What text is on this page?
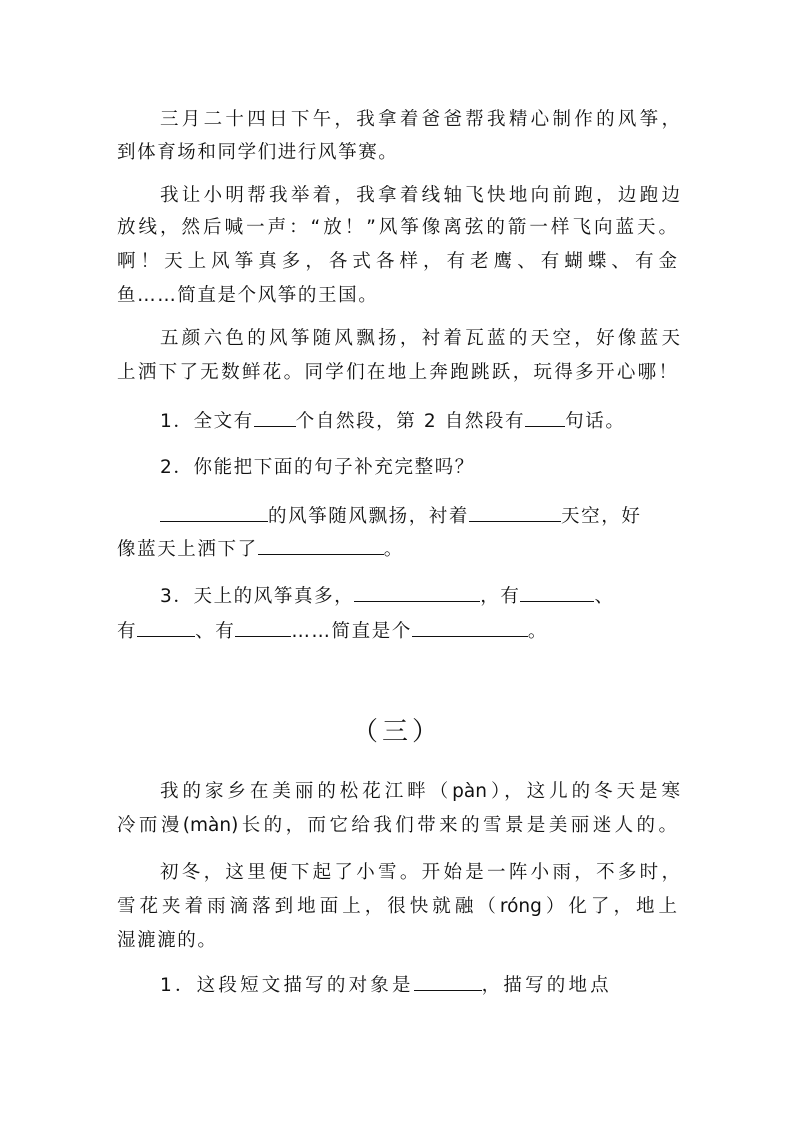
三月二十四日下午，我拿着爸爸帮我精心制作的风筝，
到体育场和同学们进行风筝赛。
我让小明帮我举着，我拿着线轴飞快地向前跑，边跑边
放线，然后喊一声：“放！”风筝像离弦的箭一样飞向蓝天。
啊！天上风筝真多，各式各样，有老鹰、有蝴蝶、有金
鱼……简直是个风筝的王国。
五颜六色的风筝随风飘扬，衬着瓦蓝的天空，好像蓝天
上洒下了无数鲜花。同学们在地上奔跑跳跃，玩得多开心哪！
1．全文有 个自然段，第 2 自然段有 句话。
2．你能把下面的句子补充完整吗？
的风筝随风飘扬，衬着	天空，好
像蓝天上洒下了	。
3．天上的风筝真多，	，有	、
有	、有	……简直是个	。
（三）
我的家乡在美丽的松花江畔（pàn），这儿的冬天是寒
冷而漫(màn)长的，而它给我们带来的雪景是美丽迷人的。
初冬，这里便下起了小雪。开始是一阵小雨，不多时，
雪花夹着雨滴落到地面上，很快就融（róng）化了，地上
湿漉漉的。
1．这段短文描写的对象是	，描写的地点
